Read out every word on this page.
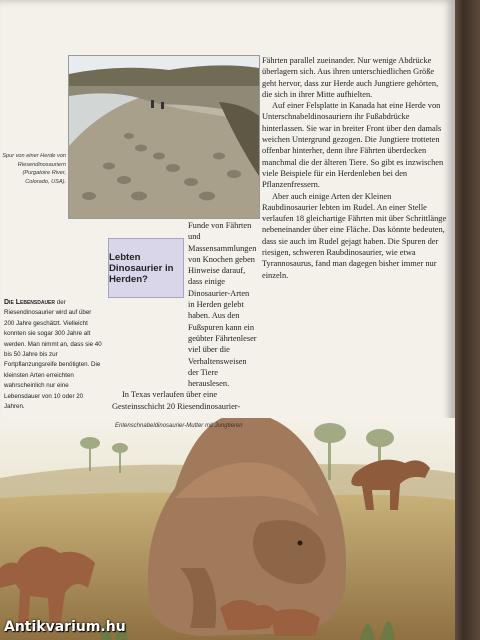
Spur von einer Herde von Riesendinosauriern (Purgatoire River, Colorado, USA).

Fährten parallel zueinander. Nur wenige Abdrücke überlagern sich. Aus ihren unterschiedlichen Größe geht hervor, dass zur Herde auch Jungtiere gehörten, die sich in ihrer Mitte aufhielten.

Auf einer Felsplatte in Kanada hat eine Herde von Unterschnabeldinosauriern ihr Fußabdrücke hinterlassen. Sie war in breiter Front über den damals weichen Untergrund gezogen. Die Jungtiere trotteten offenbar hinterher, denn ihre Fährten überdecken manchmal die der älteren Tiere. So gibt es inzwischen viele Beispiele für ein Herdenleben bei den Pflanzenfressern.

Aber auch einige Arten der Kleinen Raubdinosaurier lebten im Rudel. An einer Stelle verlaufen 18 gleichartige Fährten mit über Schrittlänge nebeneinander über eine Fläche. Das könnte bedeuten, dass sie auch im Rudel gejagt haben. Die Spuren der riesigen, schweren Raubdinosaurier, wie etwa Tyrannosaurus, fand man dagegen bisher immer nur einzeln.

Lebten Dinosaurier in Herden?

Funde von Fährten und Massensammlungen von Knochen geben Hinweise darauf, dass einige Dinosaurier-Arten in Herden gelebt haben. Aus den Fußspuren kann ein geübter Fährtenleser viel über die Verhaltensweisen der Tiere herauslesen.

In Texas verlaufen über eine Gesteinsschicht 20 Riesendinosaurier-

Die Lebensdauer der Riesendinosaurier wird auf über 200 Jahre geschätzt. Vielleicht konnten sie sogar 300 Jahre alt werden. Man nimmt an, dass sie 40 bis 50 Jahre bis zur Fortpflanzungsreife benötigten. Die kleinsten Arten erreichten wahrscheinlich nur eine Lebensdauer von 10 oder 20 Jahren.
Entenschnabeldinosaurier-Mutter mit Jungtieren
Antikvarium.hu
